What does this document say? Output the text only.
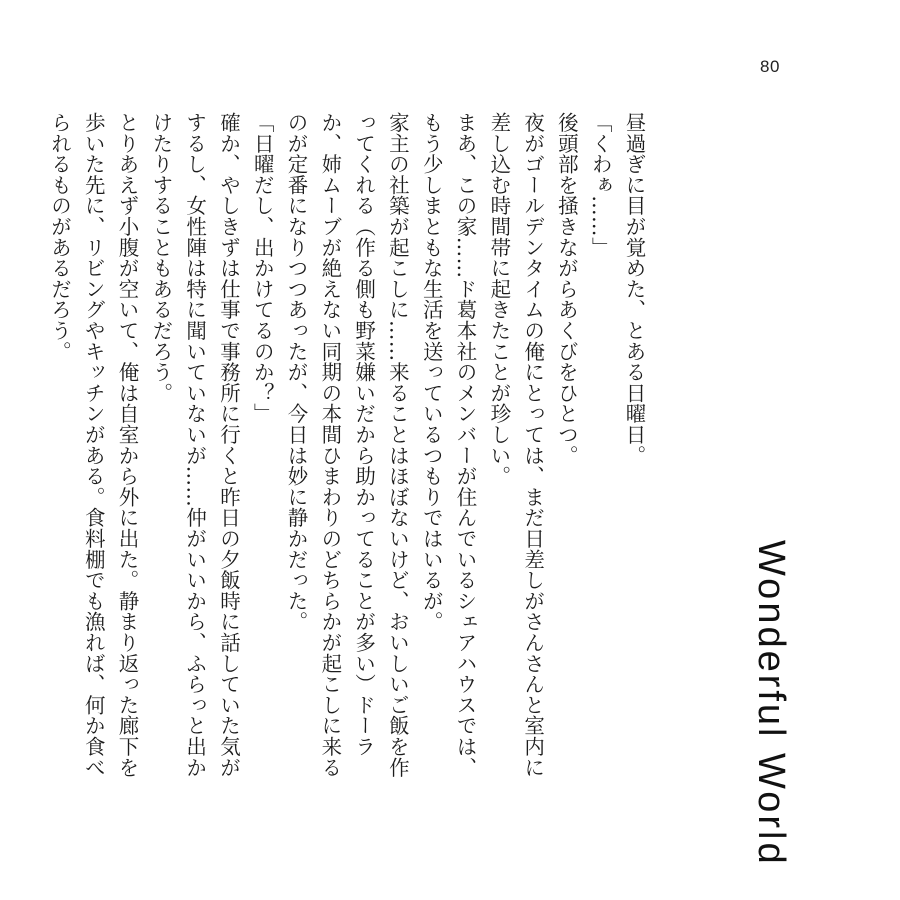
80
Wonderful World

昼過ぎに目が覚めた、とある日曜日。

「くわぁ……」

後頭部を掻きながらあくびをひとつ。

夜がゴールデンタイムの俺にとっては、まだ日差しがさんさんと室内に差し込む時間帯に起きたことが珍しい。

まあ、この家……ド葛本社のメンバーが住んでいるシェアハウスでは、もう少しまともな生活を送っているつもりではいるが。

家主の社築が起こしに……来ることはほぼないけど、おいしいご飯を作ってくれる（作る側も野菜嫌いだから助かってることが多い）ドーラか、姉ムーブが絶えない同期の本間ひまわりのどちらかが起こしに来るのが定番になりつつあったが、今日は妙に静かだった。

「日曜だし、出かけてるのか？」

確か、やしきずは仕事で事務所に行くと昨日の夕飯時に話していた気がするし、女性陣は特に聞いていないが……仲がいいから、ふらっと出かけたりすることもあるだろう。

とりあえず小腹が空いて、俺は自室から外に出た。静まり返った廊下を歩いた先に、リビングやキッチンがある。食料棚でも漁れば、何か食べられるものがあるだろう。
